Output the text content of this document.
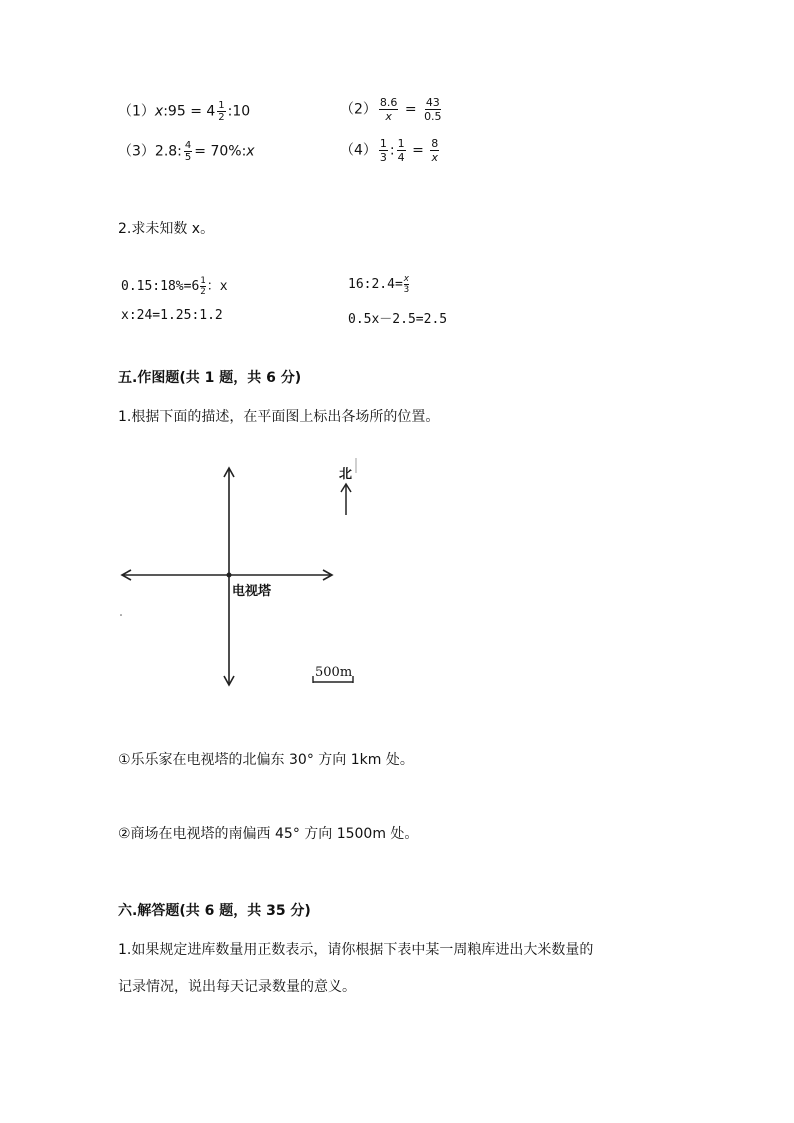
（1）x:95 = $4 \frac{1}{2}$ :10	$(2) \frac{8.6}{x} = \frac{43}{0.5}$
（3）2.8: $\frac{4}{5}$ = 70%:x	$(4) \frac{1}{3}$ : $\frac{1}{4} = \frac{8}{x}$
2.求未知数 x。
0.15:18%=6 $\frac{1}{2}$ ：x	16:2.4= $\frac{x}{3}$
x:24=1.25:1.2	0.5x－2.5=2.5
五.作图题(共 1 题，共 6 分)
1.根据下面的描述，在平面图上标出各场所的位置。
北
电视塔
500m
①乐乐家在电视塔的北偏东 30° 方向 1km 处。
②商场在电视塔的南偏西 45° 方向 1500m 处。
六.解答题(共 6 题，共 35 分)
1.如果规定进库数量用正数表示，请你根据下表中某一周粮库进出大米数量的
记录情况，说出每天记录数量的意义。
